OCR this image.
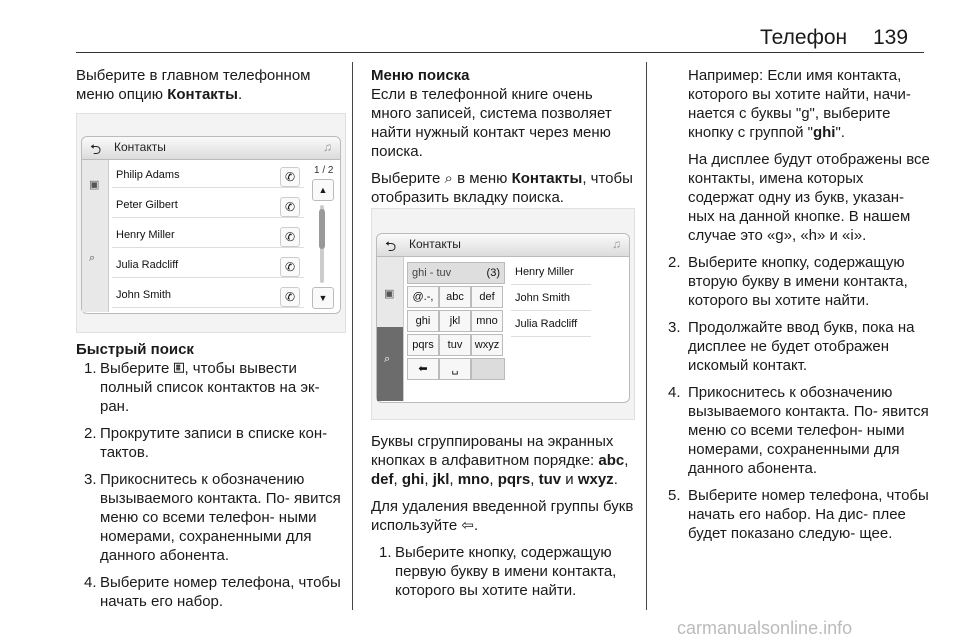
Телефон 139

Выберите в главном телефонном меню опцию Контакты.

⮌ Контакты	♫
▣
⌕
Philip Adams	✆
Peter Gilbert	✆
Henry Miller	✆
Julia Radcliff	✆
John Smith	✆
1 / 2
▲
▼

Быстрый поиск

1. Выберите 🗉, чтобы вывести полный список контактов на эк‐ ран.
2. Прокрутите записи в списке кон‐ тактов.
3. Прикоснитесь к обозначению вызываемого контакта. По‐ явится меню со всеми телефон‐ ными номерами, сохраненными для данного абонента.
4. Выберите номер телефона, чтобы начать его набор.

Меню поиска

Если в телефонной книге очень много записей, система позволяет найти нужный контакт через меню поиска.

Выберите ⌕ в меню Контакты, чтобы отобразить вкладку поиска.

⮌ Контакты	♫
▣
⌕
ghi - tuv	(3)
@.-,	abc	def
ghi	jkl	mno
pqrs	tuv	wxyz
⬅	␣
Henry Miller
John Smith
Julia Radcliff

Буквы сгруппированы на экранных кнопках в алфавитном порядке: abc, def, ghi, jkl, mno, pqrs, tuv и wxyz.

Для удаления введенной группы букв используйте ⇦.

1. Выберите кнопку, содержащую первую букву в имени контакта, которого вы хотите найти.

Например: Если имя контакта, которого вы хотите найти, начи‐ нается с буквы "g", выберите кнопку с группой "ghi".

На дисплее будут отображены все контакты, имена которых содержат одну из букв, указан‐ ных на данной кнопке. В нашем случае это «g», «h» и «i».

2. Выберите кнопку, содержащую вторую букву в имени контакта, которого вы хотите найти.
3. Продолжайте ввод букв, пока на дисплее не будет отображен искомый контакт.
4. Прикоснитесь к обозначению вызываемого контакта. По‐ явится меню со всеми телефон‐ ными номерами, сохраненными для данного абонента.
5. Выберите номер телефона, чтобы начать его набор. На дис‐ плее будет показано следую‐ щее.
carmanualsonline.info
